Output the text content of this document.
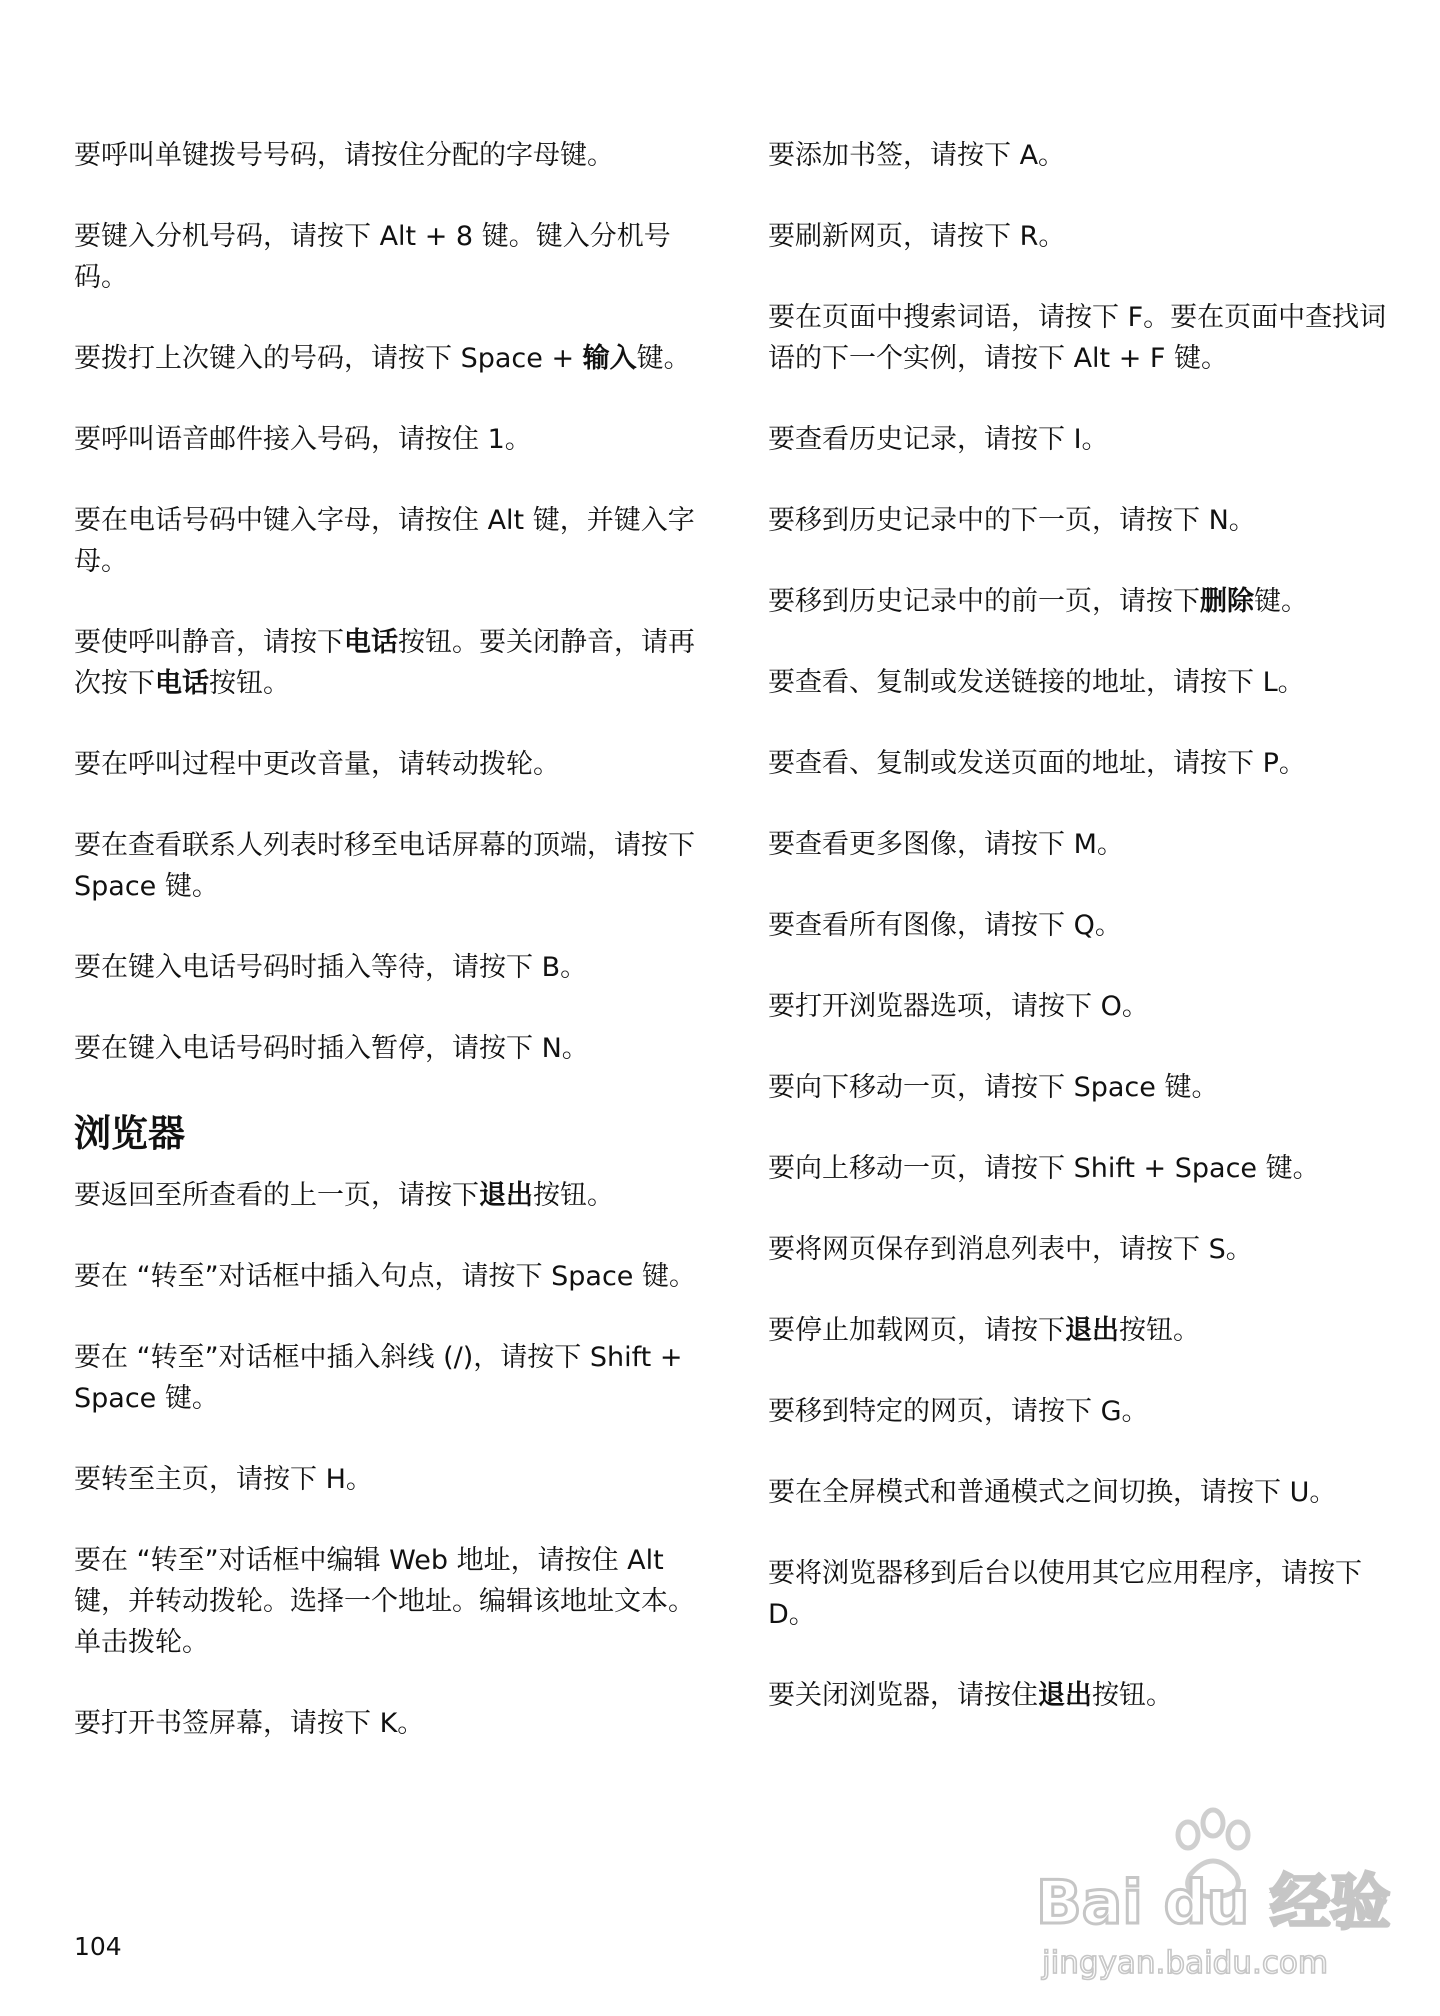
要呼叫单键拨号号码，请按住分配的字母键。

要键入分机号码，请按下 Alt + 8 键。键入分机号码。

要拨打上次键入的号码，请按下 Space + 输入键。

要呼叫语音邮件接入号码，请按住 1。

要在电话号码中键入字母，请按住 Alt 键，并键入字母。

要使呼叫静音，请按下电话按钮。要关闭静音，请再次按下电话按钮。

要在呼叫过程中更改音量，请转动拨轮。

要在查看联系人列表时移至电话屏幕的顶端，请按下 Space 键。

要在键入电话号码时插入等待，请按下 B。

要在键入电话号码时插入暂停，请按下 N。

浏览器

要返回至所查看的上一页，请按下退出按钮。

要在 “转至”对话框中插入句点，请按下 Space 键。

要在 “转至”对话框中插入斜线 (/)，请按下 Shift + Space 键。

要转至主页，请按下 H。

要在 “转至”对话框中编辑 Web 地址，请按住 Alt 键，并转动拨轮。选择一个地址。编辑该地址文本。单击拨轮。

要打开书签屏幕，请按下 K。

要添加书签，请按下 A。

要刷新网页，请按下 R。

要在页面中搜索词语，请按下 F。要在页面中查找词语的下一个实例，请按下 Alt + F 键。

要查看历史记录，请按下 I。

要移到历史记录中的下一页，请按下 N。

要移到历史记录中的前一页，请按下删除键。

要查看、复制或发送链接的地址，请按下 L。

要查看、复制或发送页面的地址，请按下 P。

要查看更多图像，请按下 M。

要查看所有图像，请按下 Q。

要打开浏览器选项，请按下 O。

要向下移动一页，请按下 Space 键。

要向上移动一页，请按下 Shift + Space 键。

要将网页保存到消息列表中，请按下 S。

要停止加载网页，请按下退出按钮。

要移到特定的网页，请按下 G。

要在全屏模式和普通模式之间切换，请按下 U。

要将浏览器移到后台以使用其它应用程序，请按下 D。

要关闭浏览器，请按住退出按钮。

104
Bai du 经验
jingyan.baidu.com
